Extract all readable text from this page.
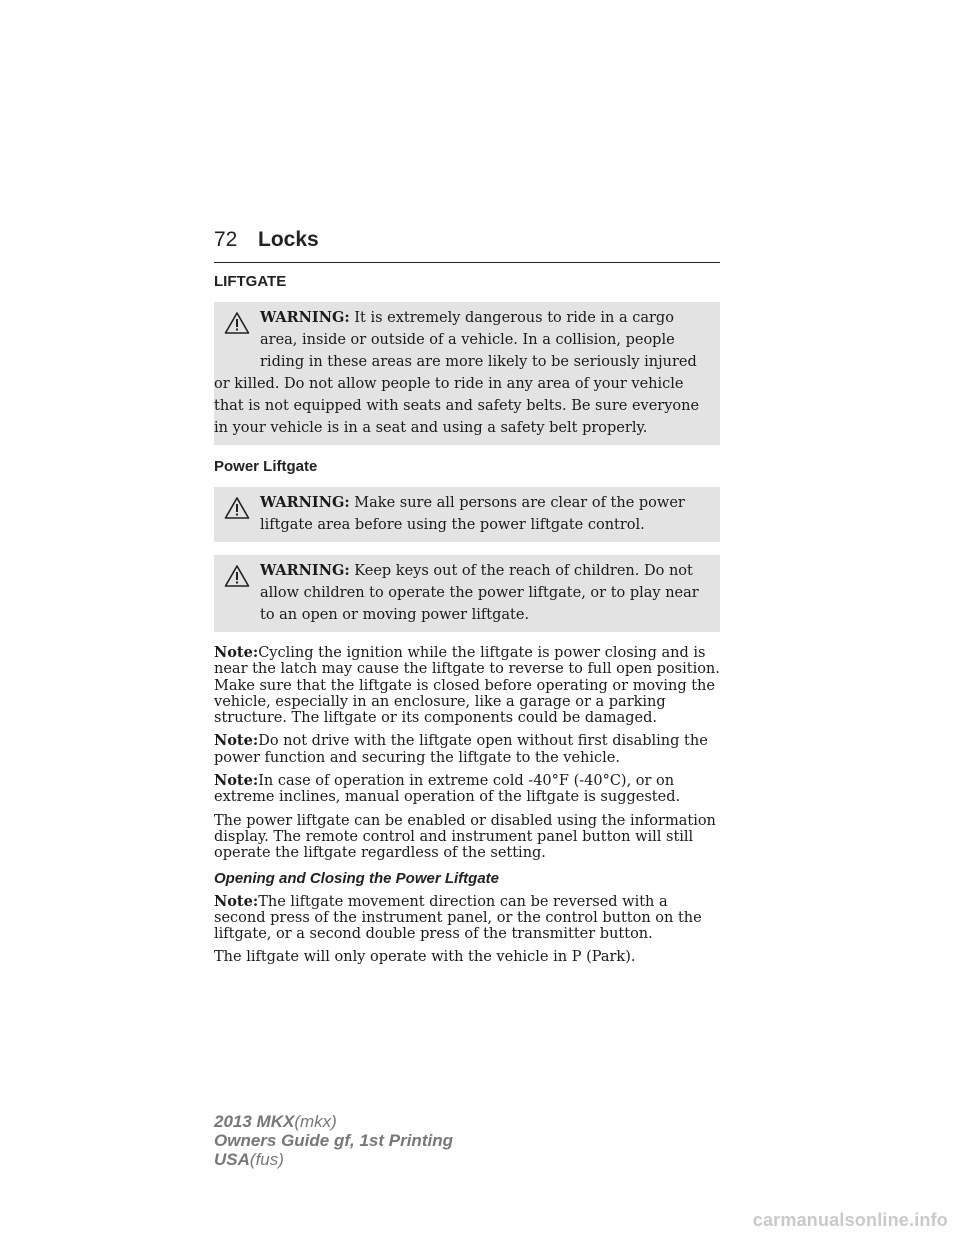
72 Locks
LIFTGATE
WARNING: It is extremely dangerous to ride in a cargo area, inside or outside of a vehicle. In a collision, people riding in these areas are more likely to be seriously injured or killed. Do not allow people to ride in any area of your vehicle that is not equipped with seats and safety belts. Be sure everyone in your vehicle is in a seat and using a safety belt properly.
Power Liftgate
WARNING: Make sure all persons are clear of the power liftgate area before using the power liftgate control.
WARNING: Keep keys out of the reach of children. Do not allow children to operate the power liftgate, or to play near to an open or moving power liftgate.

Note:Cycling the ignition while the liftgate is power closing and is near the latch may cause the liftgate to reverse to full open position. Make sure that the liftgate is closed before operating or moving the vehicle, especially in an enclosure, like a garage or a parking structure. The liftgate or its components could be damaged.

Note:Do not drive with the liftgate open without first disabling the power function and securing the liftgate to the vehicle.

Note:In case of operation in extreme cold -40°F (-40°C), or on extreme inclines, manual operation of the liftgate is suggested.

The power liftgate can be enabled or disabled using the information display. The remote control and instrument panel button will still operate the liftgate regardless of the setting.

Opening and Closing the Power Liftgate

Note:The liftgate movement direction can be reversed with a second press of the instrument panel, or the control button on the liftgate, or a second double press of the transmitter button.

The liftgate will only operate with the vehicle in P (Park).

2013 MKX(mkx)
Owners Guide gf, 1st Printing
USA(fus)
carmanualsonline.info
